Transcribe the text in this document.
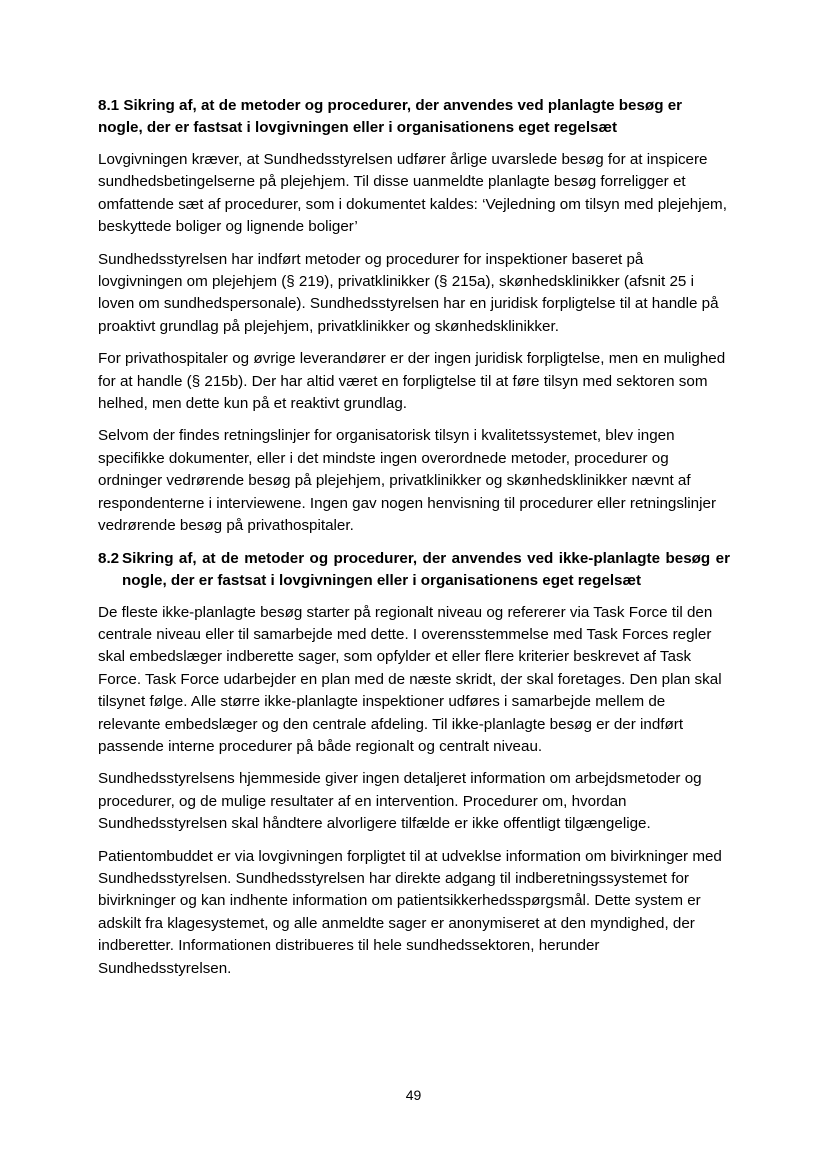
8.1 Sikring af, at de metoder og procedurer, der anvendes ved planlagte besøg er nogle, der er fastsat i lovgivningen eller i organisationens eget regelsæt

Lovgivningen kræver, at Sundhedsstyrelsen udfører årlige uvarslede besøg for at inspicere sundhedsbetingelserne på plejehjem. Til disse uanmeldte planlagte besøg forreligger et omfattende sæt af procedurer, som i dokumentet kaldes: ‘Vejledning om tilsyn med plejehjem, beskyttede boliger og lignende boliger’

Sundhedsstyrelsen har indført metoder og procedurer for inspektioner baseret på lovgivningen om plejehjem (§ 219), privatklinikker (§ 215a), skønhedsklinikker (afsnit 25 i loven om sundhedspersonale). Sundhedsstyrelsen har en juridisk forpligtelse til at handle på proaktivt grundlag på plejehjem, privatklinikker og skønhedsklinikker.

For privathospitaler og øvrige leverandører er der ingen juridisk forpligtelse, men en mulighed for at handle (§ 215b). Der har altid været en forpligtelse til at føre tilsyn med sektoren som helhed, men dette kun på et reaktivt grundlag.

Selvom der findes retningslinjer for organisatorisk tilsyn i kvalitetssystemet, blev ingen specifikke dokumenter, eller i det mindste ingen overordnede metoder, procedurer og ordninger vedrørende besøg på plejehjem, privatklinikker og skønhedsklinikker nævnt af respondenterne i interviewene. Ingen gav nogen henvisning til procedurer eller retningslinjer vedrørende besøg på privathospitaler.

8.2 Sikring af, at de metoder og procedurer, der anvendes ved ikke-planlagte besøg er nogle, der er fastsat i lovgivningen eller i organisationens eget regelsæt

De fleste ikke-planlagte besøg starter på regionalt niveau og refererer via Task Force til den centrale niveau eller til samarbejde med dette. I overensstemmelse med Task Forces regler skal embedslæger indberette sager, som opfylder et eller flere kriterier beskrevet af Task Force. Task Force udarbejder en plan med de næste skridt, der skal foretages. Den plan skal tilsynet følge. Alle større ikke-planlagte inspektioner udføres i samarbejde mellem de relevante embedslæger og den centrale afdeling. Til ikke-planlagte besøg er der indført passende interne procedurer på både regionalt og centralt niveau.

Sundhedsstyrelsens hjemmeside giver ingen detaljeret information om arbejdsmetoder og procedurer, og de mulige resultater af en intervention. Procedurer om, hvordan Sundhedsstyrelsen skal håndtere alvorligere tilfælde er ikke offentligt tilgængelige.

Patientombuddet er via lovgivningen forpligtet til at udveklse information om bivirkninger med Sundhedsstyrelsen. Sundhedsstyrelsen har direkte adgang til indberetningssystemet for bivirkninger og kan indhente information om patientsikkerhedsspørgsmål. Dette system er adskilt fra klagesystemet, og alle anmeldte sager er anonymiseret at den myndighed, der indberetter. Informationen distribueres til hele sundhedssektoren, herunder Sundhedsstyrelsen.

49
